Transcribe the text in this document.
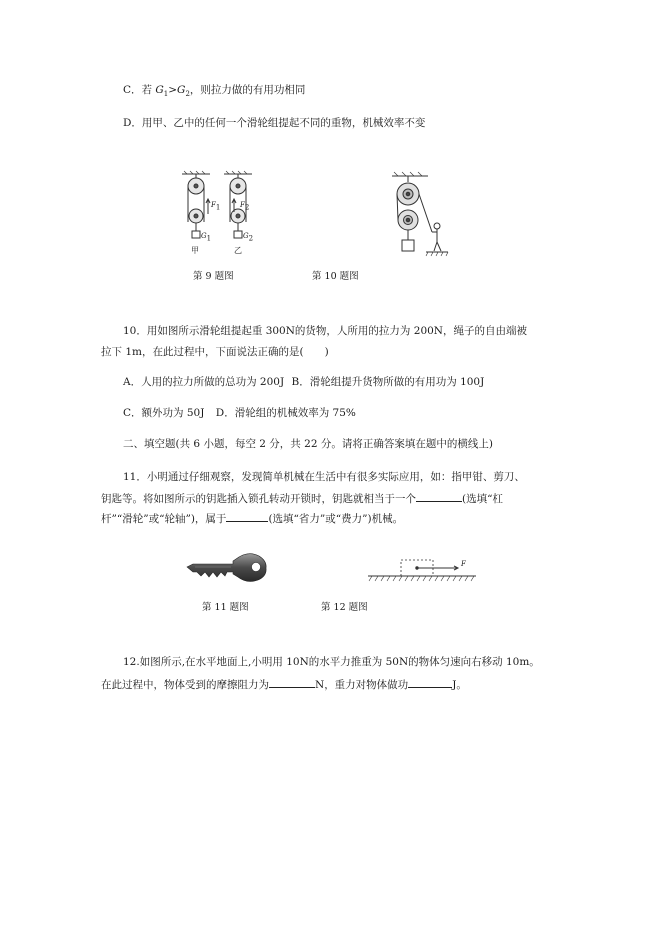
C．若 $G_1>G_2$，则拉力做的有用功相同
D．用甲、乙中的任何一个滑轮组提起不同的重物，机械效率不变
$F_1$	$F_2$
$G_1$	$G_2$
甲	乙
第 9 题图	第 10 题图
10．用如图所示滑轮组提起重 300N的货物，人所用的拉力为 200N，绳子的自由端被
拉下 1m，在此过程中，下面说法正确的是(　　)
A．人用的拉力所做的总功为 200J B．滑轮组提升货物所做的有用功为 100J
C．额外功为 50J D．滑轮组的机械效率为 75%
二、填空题(共 6 小题，每空 2 分，共 22 分。请将正确答案填在题中的横线上)
11．小明通过仔细观察，发现简单机械在生活中有很多实际应用，如：指甲钳、剪刀、
钥匙等。将如图所示的钥匙插入锁孔转动开锁时，钥匙就相当于一个	(选填“杠
杆”“滑轮”或“轮轴”)，属于	(选填“省力”或“费力”)机械。
第 11 题图
F
第 12 题图
12.如图所示,在水平地面上,小明用 10N的水平力推重为 50N的物体匀速向右移动 10m。
在此过程中，物体受到的摩擦阻力为	N，重力对物体做功	J。
